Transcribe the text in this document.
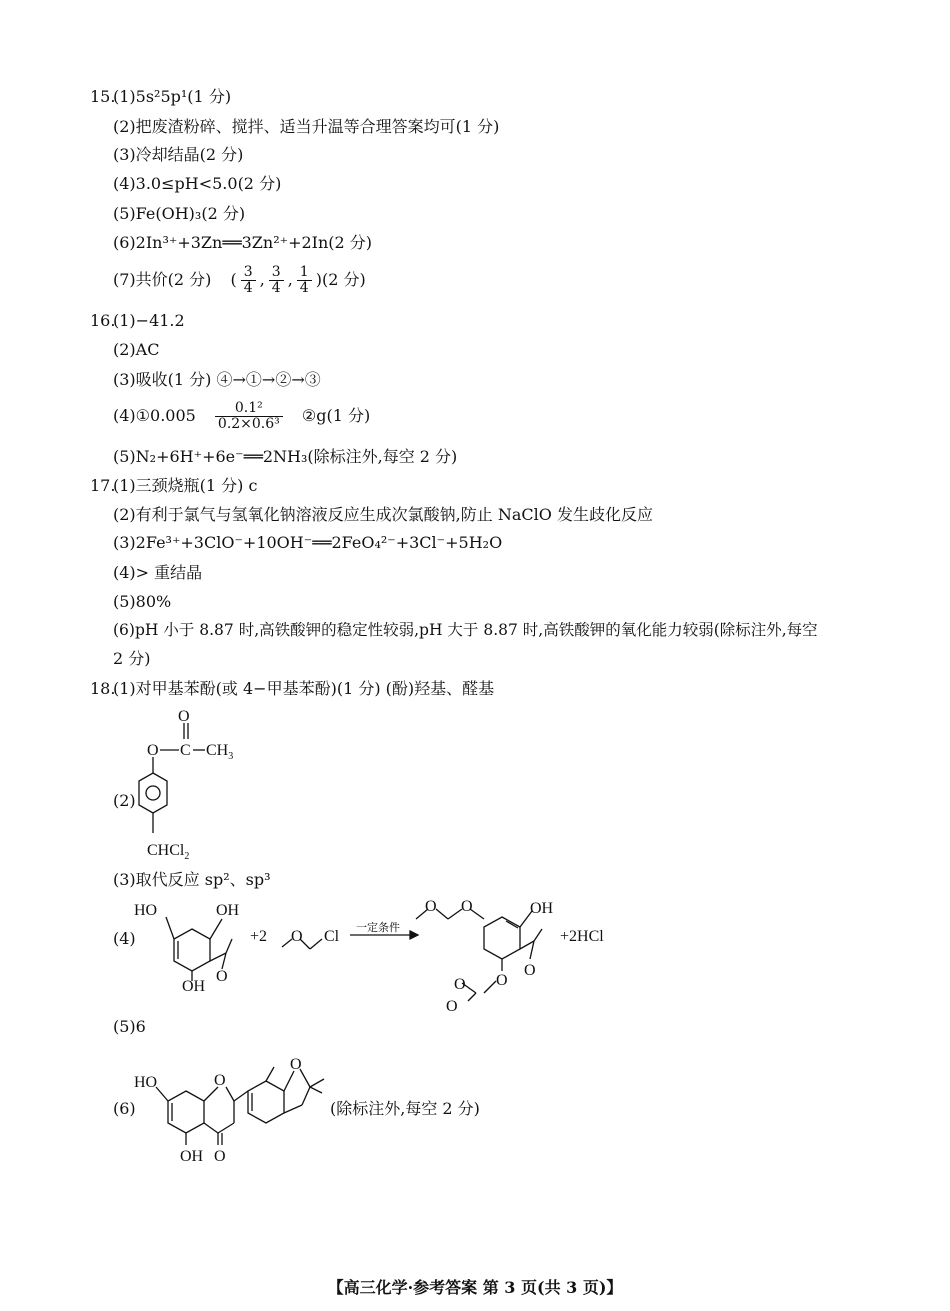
15.
(1)5s²5p¹(1 分)
(2)把废渣粉碎、搅拌、适当升温等合理答案均可(1 分)
(3)冷却结晶(2 分)
(4)3.0≤pH<5.0(2 分)
(5)Fe(OH)₃(2 分)
(6)2In³⁺+3Zn══3Zn²⁺+2In(2 分)
(7)共价(2 分) ( $\frac{3}{4}$ , $\frac{3}{4}$ , $\frac{1}{4} )(2$ 分)
16.
(1)−41.2
(2)AC
(3)吸收(1 分) ④→①→②→③
(4)①0.005 $\frac{\text{0.1²}}{\text{0.2×0.6³}}$ ②g(1 分)
(5)N₂+6H⁺+6e⁻══2NH₃(除标注外,每空 2 分)
17.
(1)三颈烧瓶(1 分) c
(2)有利于氯气与氢氧化钠溶液反应生成次氯酸钠,防止 NaClO 发生歧化反应
(3)2Fe³⁺+3ClO⁻+10OH⁻══2FeO₄²⁻+3Cl⁻+5H₂O
(4)> 重结晶
(5)80%
(6)pH 小于 8.87 时,高铁酸钾的稳定性较弱,pH 大于 8.87 时,高铁酸钾的氧化能力较弱(除标注外,每空
2 分)
18.
(1)对甲基苯酚(或 4−甲基苯酚)(1 分) (酚)羟基、醛基
(2)
O
O C $CH_3$
CHCl$_2$
(3)取代反应 sp²、sp³
(4)
HO	OH
OH
O
+2 O Cl 一定条件
O O	OH
O
O
O
O
+2HCl
(5)6
(6)
HO	O
O
OH O
(除标注外,每空 2 分)
【高三化学·参考答案 第 3 页(共 3 页)】
